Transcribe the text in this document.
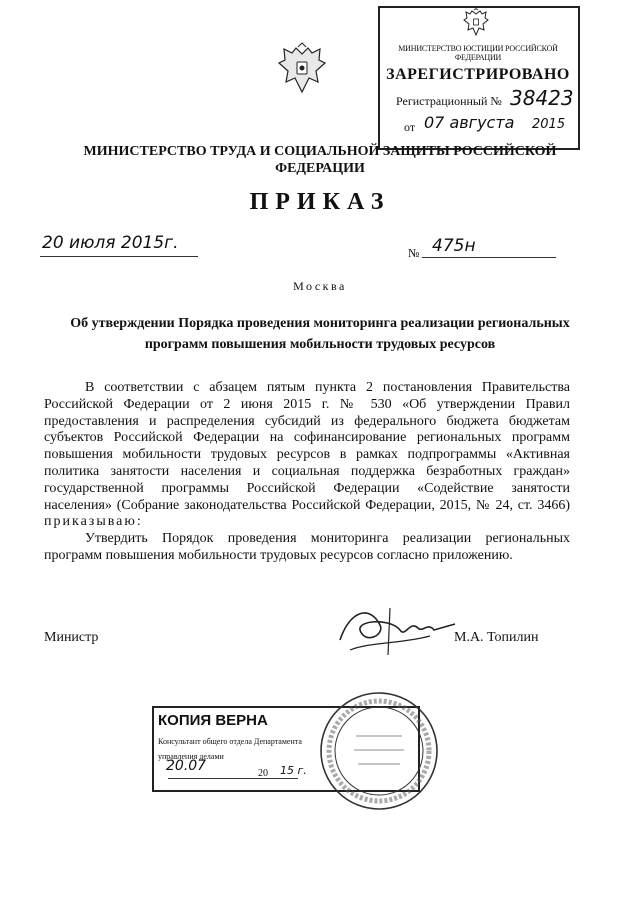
МИНИСТЕРСТВО ЮСТИЦИИ РОССИЙСКОЙ ФЕДЕРАЦИИ
ЗАРЕГИСТРИРОВАНО
Регистрационный № 38423
от 07 августа 2015
МИНИСТЕРСТВО ТРУДА И СОЦИАЛЬНОЙ ЗАЩИТЫ РОССИЙСКОЙ ФЕДЕРАЦИИ
ПРИКАЗ
20 июля 2015г.	№ 475н
Москва
Об утверждении Порядка проведения мониторинга реализации региональных программ повышения мобильности трудовых ресурсов

В соответствии с абзацем пятым пункта 2 постановления Правительства Российской Федерации от 2 июня 2015 г. № 530 «Об утверждении Правил предоставления и распределения субсидий из федерального бюджета бюджетам субъектов Российской Федерации на софинансирование региональных программ повышения мобильности трудовых ресурсов в рамках подпрограммы «Активная политика занятости населения и социальная поддержка безработных граждан» государственной программы Российской Федерации «Содействие занятости населения» (Собрание законодательства Российской Федерации, 2015, № 24, ст. 3466) приказываю:

Утвердить Порядок проведения мониторинга реализации региональных программ повышения мобильности трудовых ресурсов согласно приложению.

Министр	М.А. Топилин
КОПИЯ ВЕРНА
Консультант общего отдела Департамента
управления делами
20.07	20 15 г.
